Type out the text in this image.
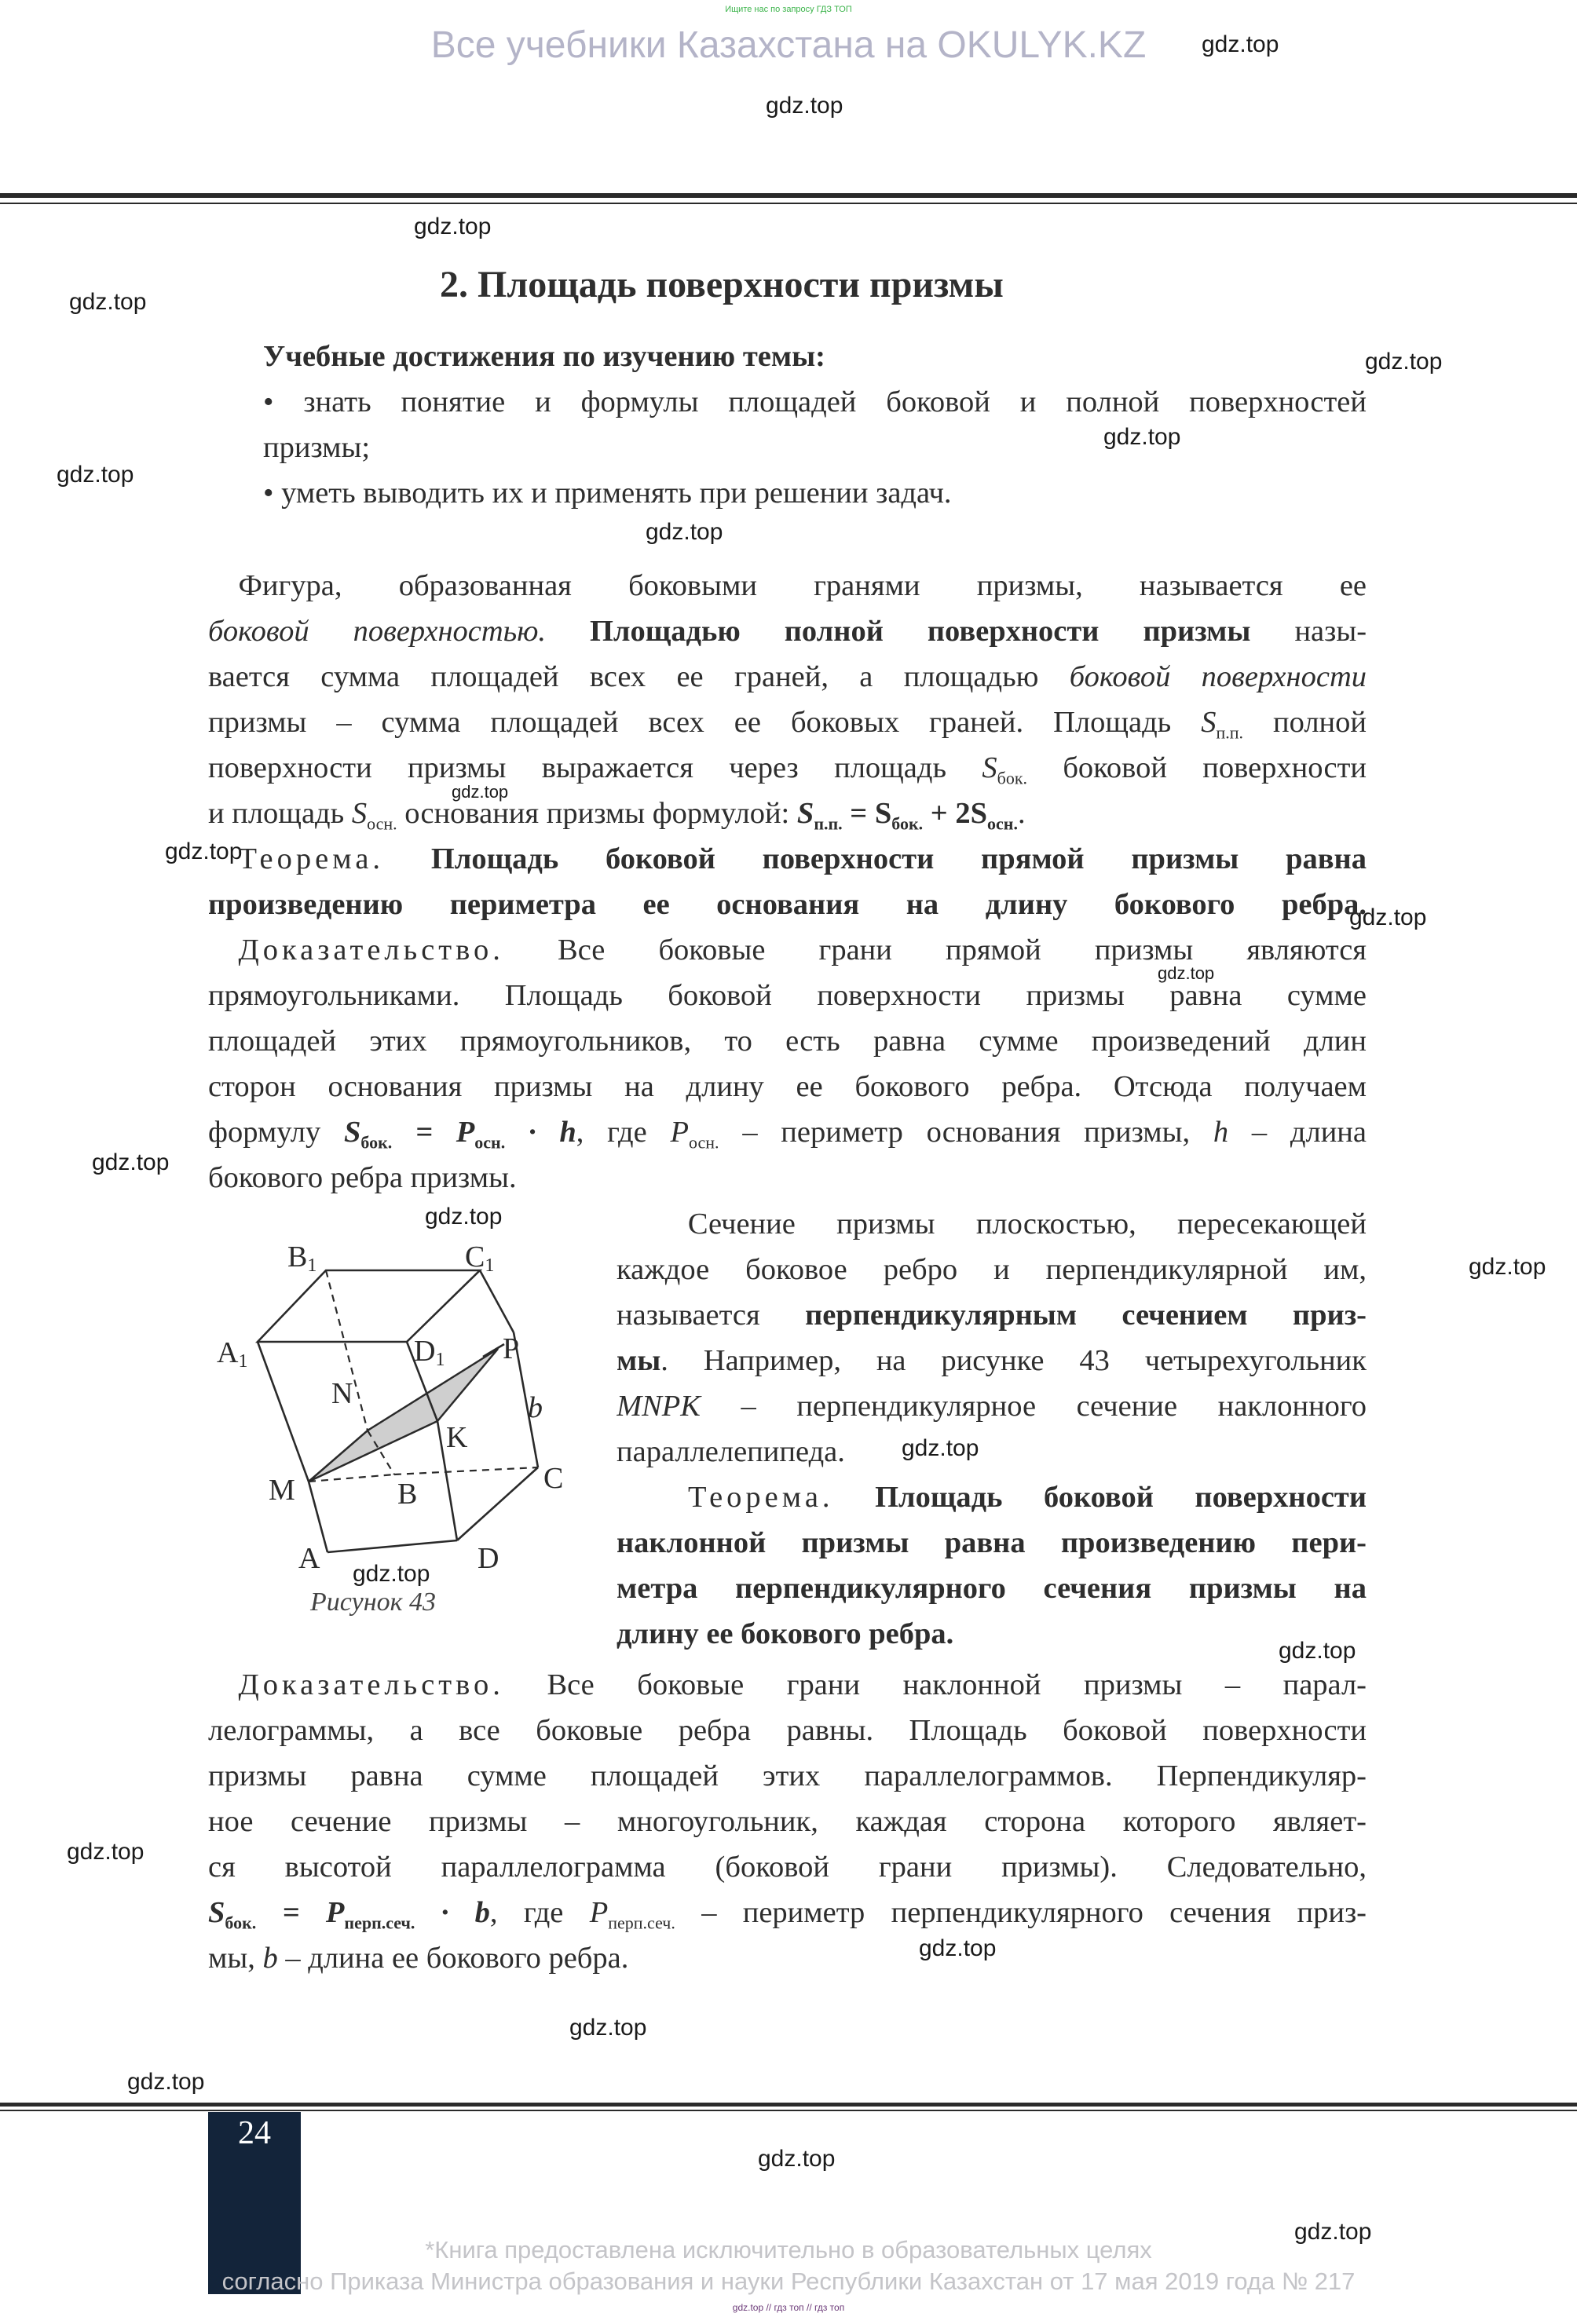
Ищите нас по запросу ГДЗ ТОП
Все учебники Казахстана на OKULYK.KZ	gdz.top
gdz.top
gdz.top
gdz.top
gdz.top
gdz.top
gdz.top
gdz.top
gdz.top
gdz.top
gdz.top
gdz.top
gdz.top
gdz.top
gdz.top
gdz.top
gdz.top
gdz.top
gdz.top
gdz.top
gdz.top
gdz.top
gdz.top
gdz.top
2. Площадь поверхности призмы
Учебные достижения по изучению темы:
• знать понятие и формулы площадей боковой и полной поверхностей
призмы;
• уметь выводить их и применять при решении задач.
 Фигура, образованная боковыми гранями призмы, называется ее
боковой поверхностью. Площадью полной поверхности призмы назы-
вается сумма площадей всех ее граней, а площадью боковой поверхности
призмы – сумма площадей всех ее боковых граней. Площадь $S_{п.п.}$ полной
поверхности призмы выражается через площадь $S_{бок.}$ боковой поверхности
и площадь $S_{осн.}$ основания призмы формулой: $S_{п.п.} = S_{бок.} + 2S_{осн.}$.
 Теорема. Площадь боковой поверхности прямой призмы равна
произведению периметра ее основания на длину бокового ребра.
 Доказательство. Все боковые грани прямой призмы являются
прямоугольниками. Площадь боковой поверхности призмы равна сумме
площадей этих прямоугольников, то есть равна сумме произведений длин
сторон основания призмы на длину ее бокового ребра. Отсюда получаем
формулу $S_{бок.} = P_{осн.} \cdot h$, где $P_{осн.}$ – периметр основания призмы, h – длина
бокового ребра призмы.
  Сечение призмы плоскостью, пересекающей
каждое боковое ребро и перпендикулярной им,
называется перпендикулярным сечением приз-
мы. Например, на рисунке 43 четырехугольник
MNPK – перпендикулярное сечение наклонного
параллелепипеда.
  Теорема. Площадь боковой поверхности
наклонной призмы равна произведению пери-
метра перпендикулярного сечения призмы на
длину ее бокового ребра.
B1	C1
A1	D1 P
N	b
K
M	B	C
A	D
Рисунок 43
 Доказательство. Все боковые грани наклонной призмы – парал-
лелограммы, а все боковые ребра равны. Площадь боковой поверхности
призмы равна сумме площадей этих параллелограммов. Перпендикуляр-
ное сечение призмы – многоугольник, каждая сторона которого являет-
ся высотой параллелограмма (боковой грани призмы). Следовательно,
$S_{бок.} = P_{перп.сеч.} \cdot b$, где $P_{перп.сеч.}$ – периметр перпендикулярного сечения приз-
мы, b – длина ее бокового ребра.
24
*Книга предоставлена исключительно в образовательных целях
согласно Приказа Министра образования и науки Республики Казахстан от 17 мая 2019 года № 217
gdz.top // гдз топ // гдз топ
